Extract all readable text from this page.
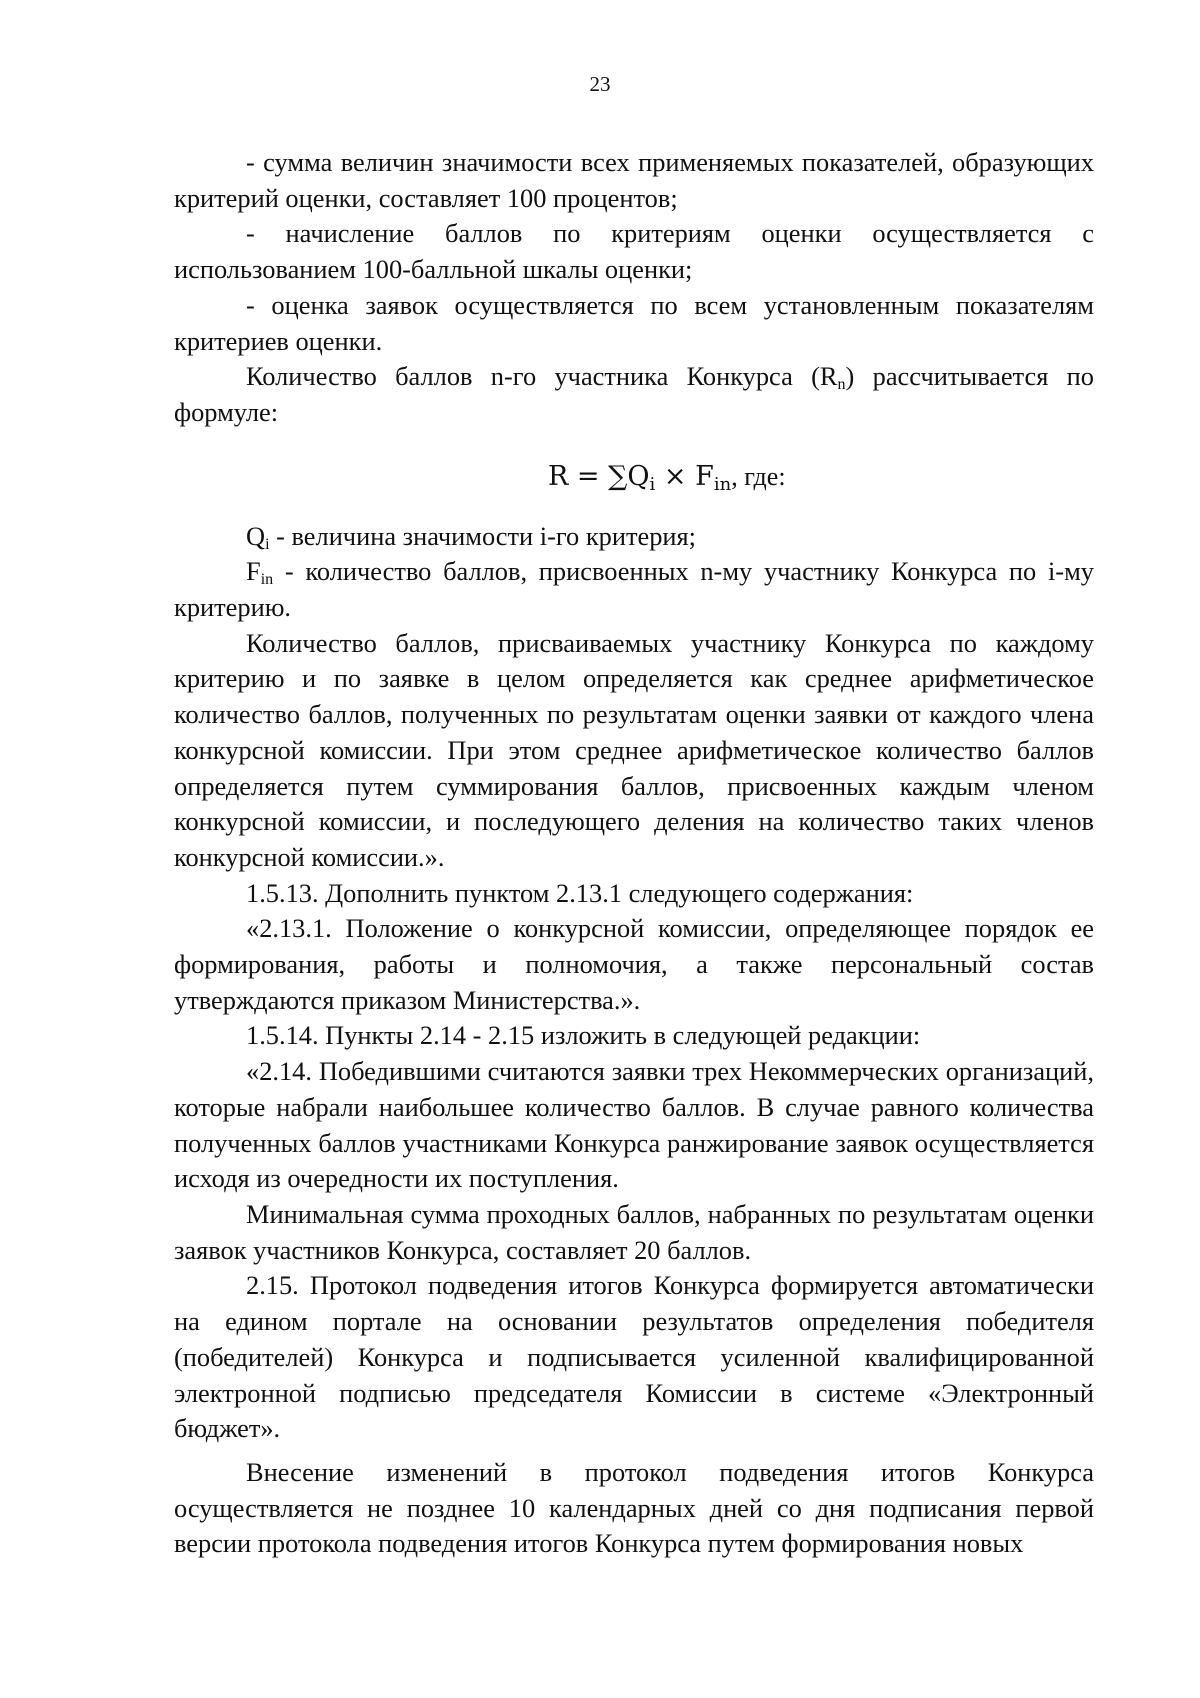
23

- сумма величин значимости всех применяемых показателей, образующих критерий оценки, составляет 100 процентов;

- начисление баллов по критериям оценки осуществляется с использованием 100-балльной шкалы оценки;

- оценка заявок осуществляется по всем установленным показателям критериев оценки.

Количество баллов n-го участника Конкурса $(R_n)$ рассчитывается по формуле:

$R = \sum Q_i \times F_{in}$, где:

$Q_i$ - величина значимости i-го критерия;

$F_{in}$ - количество баллов, присвоенных n-му участнику Конкурса по i-му критерию.

Количество баллов, присваиваемых участнику Конкурса по каждому критерию и по заявке в целом определяется как среднее арифметическое количество баллов, полученных по результатам оценки заявки от каждого члена конкурсной комиссии. При этом среднее арифметическое количество баллов определяется путем суммирования баллов, присвоенных каждым членом конкурсной комиссии, и последующего деления на количество таких членов конкурсной комиссии.».

1.5.13. Дополнить пунктом 2.13.1 следующего содержания:

«2.13.1. Положение о конкурсной комиссии, определяющее порядок ее формирования, работы и полномочия, а также персональный состав утверждаются приказом Министерства.».

1.5.14. Пункты 2.14 - 2.15 изложить в следующей редакции:

«2.14. Победившими считаются заявки трех Некоммерческих организаций, которые набрали наибольшее количество баллов. В случае равного количества полученных баллов участниками Конкурса ранжирование заявок осуществляется исходя из очередности их поступления.

Минимальная сумма проходных баллов, набранных по результатам оценки заявок участников Конкурса, составляет 20 баллов.

2.15. Протокол подведения итогов Конкурса формируется автоматически на едином портале на основании результатов определения победителя (победителей) Конкурса и подписывается усиленной квалифицированной электронной подписью председателя Комиссии в системе «Электронный бюджет».

Внесение изменений в протокол подведения итогов Конкурса осуществляется не позднее 10 календарных дней со дня подписания первой версии протокола подведения итогов Конкурса путем формирования новых
